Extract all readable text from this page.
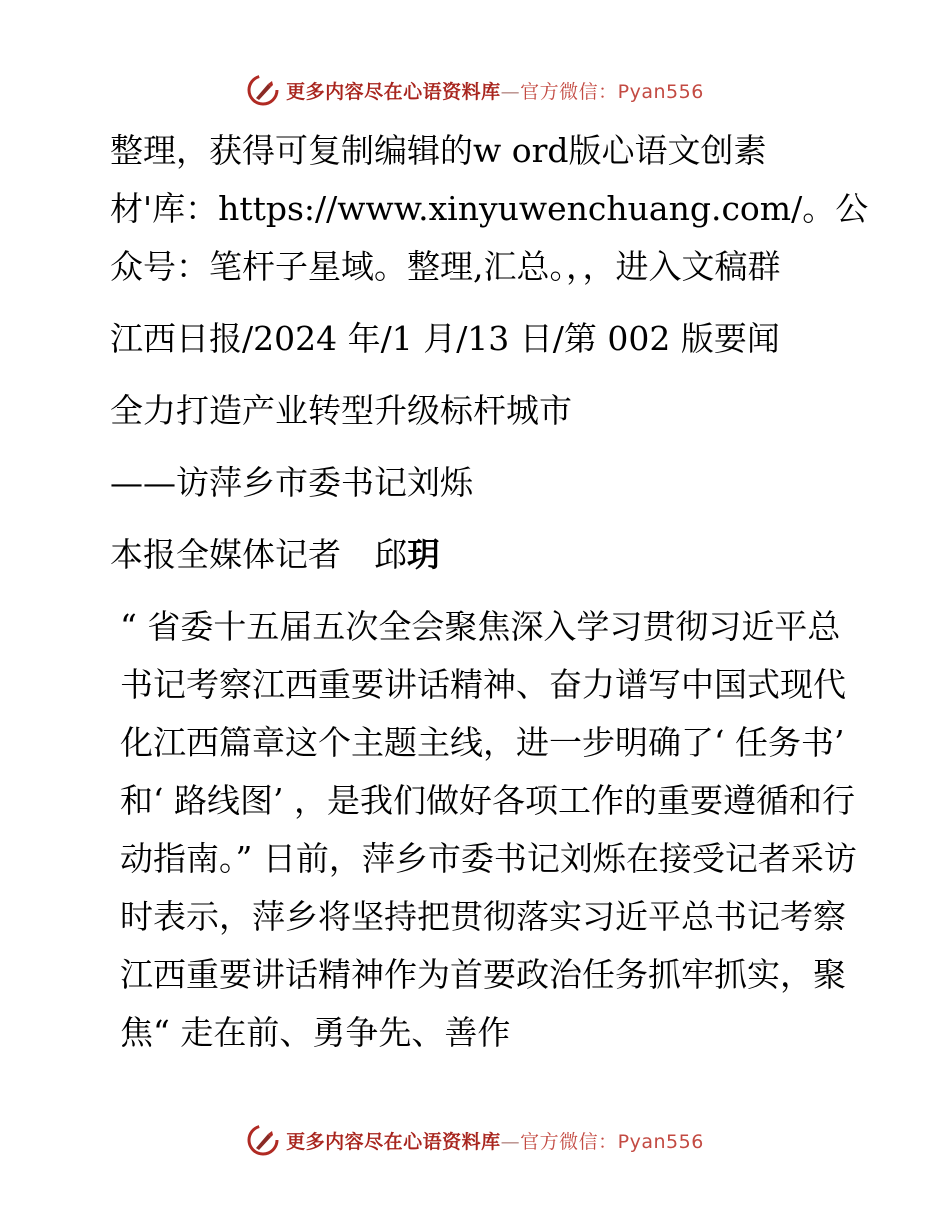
更多内容尽在心语资料库—官方微信：Pyan556

整理，获得可复制编辑的w ord版心语文创素材'库：https://www.xinyuwenchuang.com/。公众号：笔杆子星域。整理,汇总。，，进入文稿群

江西日报/2024 年/1 月/13 日/第 002 版要闻

全力打造产业转型升级标杆城市

——访萍乡市委书记刘烁

本报全媒体记者　邱玥

“ 省委十五届五次全会聚焦深入学习贯彻习近平总书记考察江西重要讲话精神、奋力谱写中国式现代化江西篇章这个主题主线，进一步明确了‘ 任务书’ 和‘ 路线图’ ，是我们做好各项工作的重要遵循和行动指南。” 日前，萍乡市委书记刘烁在接受记者采访时表示，萍乡将坚持把贯彻落实习近平总书记考察江西重要讲话精神作为首要政治任务抓牢抓实，聚焦“ 走在前、勇争先、善作

更多内容尽在心语资料库—官方微信：Pyan556
